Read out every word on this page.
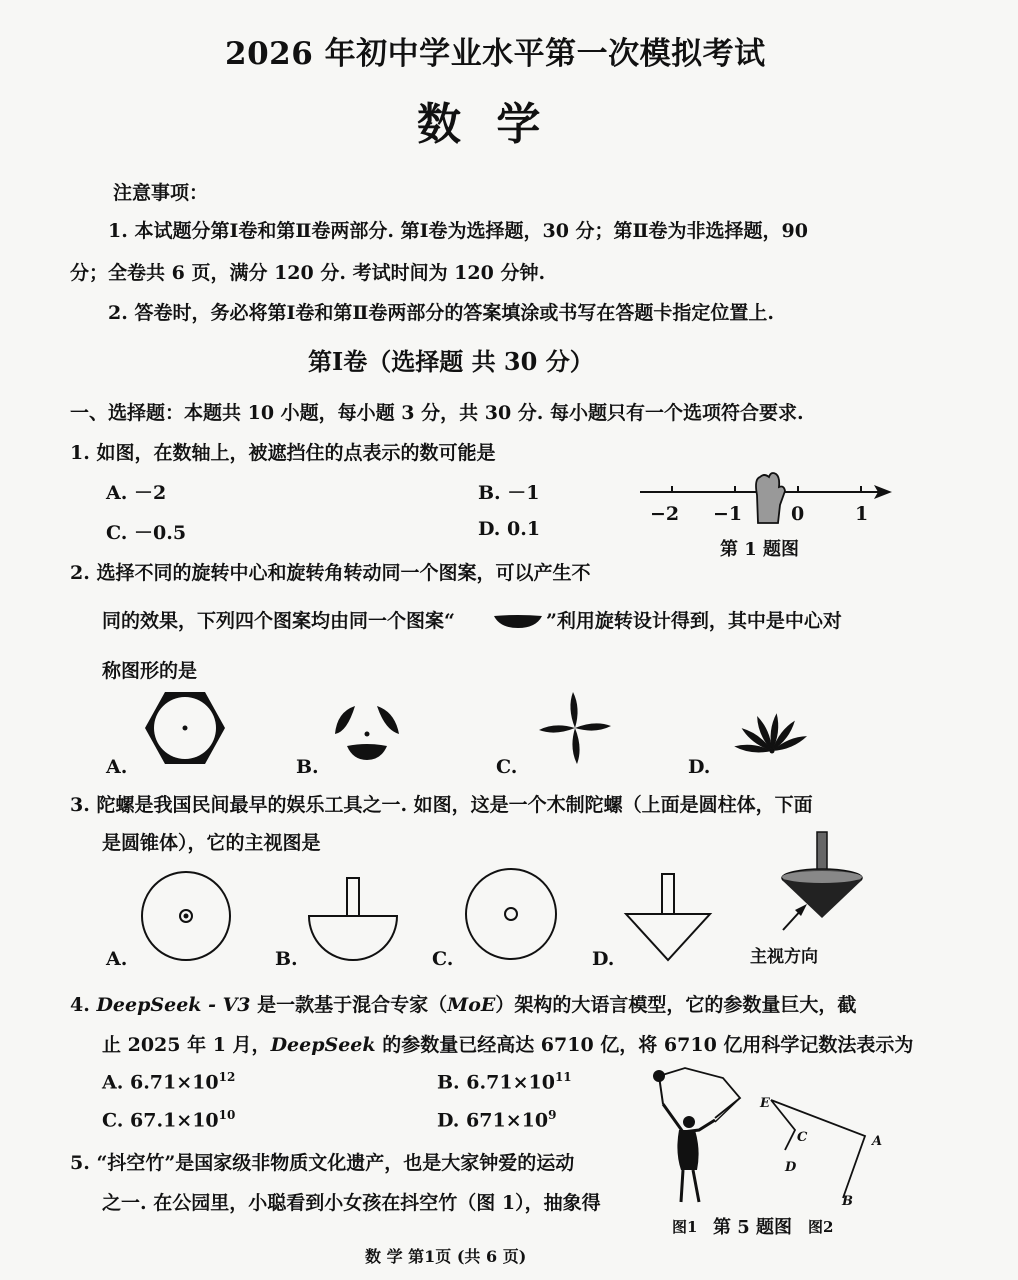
2026 年初中学业水平第一次模拟考试
数 学
注意事项：
1. 本试题分第Ⅰ卷和第Ⅱ卷两部分. 第Ⅰ卷为选择题，30 分；第Ⅱ卷为非选择题，90
分；全卷共 6 页，满分 120 分. 考试时间为 120 分钟.
2. 答卷时，务必将第Ⅰ卷和第Ⅱ卷两部分的答案填涂或书写在答题卡指定位置上.
第Ⅰ卷（选择题 共 30 分）
一、选择题：本题共 10 小题，每小题 3 分，共 30 分. 每小题只有一个选项符合要求.
1. 如图，在数轴上，被遮挡住的点表示的数可能是
A. －2	B. －1
C. －0.5	D. 0.1
−2 −1	0	1
第 1 题图
2. 选择不同的旋转中心和旋转角转动同一个图案，可以产生不
同的效果，下列四个图案均由同一个图案“	”利用旋转设计得到，其中是中心对
称图形的是
A.	B.	C.	D.
3. 陀螺是我国民间最早的娱乐工具之一. 如图，这是一个木制陀螺（上面是圆柱体，下面
是圆锥体），它的主视图是
主视方向
A.	B.	C.	D.
4. DeepSeek - V3 是一款基于混合专家（MoE）架构的大语言模型，它的参数量巨大，截
止 2025 年 1 月，DeepSeek 的参数量已经高达 6710 亿，将 6710 亿用科学记数法表示为
A. $6.71\times 10^{12}$	B. $6.71\times 10^{11}$
C. $67.1\times 10^{10}$	D. $671\times 10^9$
5. “抖空竹”是国家级非物质文化遗产，也是大家钟爱的运动
之一. 在公园里，小聪看到小女孩在抖空竹（图 1），抽象得
E
C
D
A
B
图1 第 5 题图 图2
数 学 第1页 (共 6 页)
